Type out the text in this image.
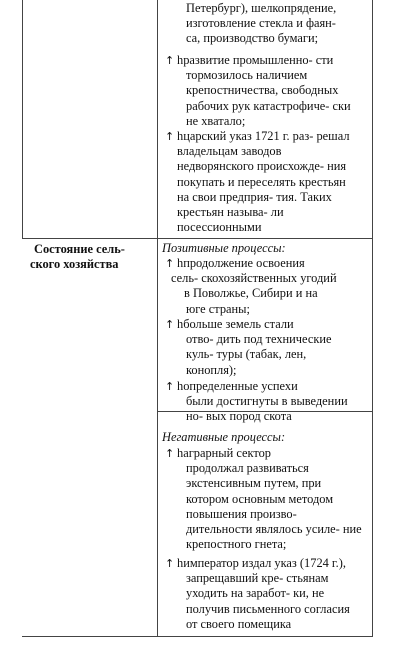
Петербург), шелкопрядение,
изготовление стекла и фаян-
са, производство бумаги;
↑ hразвитие промышленно- сти
тормозилось наличием
крепостничества, свободных
рабочих рук катастрофиче- ски
не хватало;
↑ hцарский указ 1721 г. раз- решал
владельцам заводов
недворянского происхожде- ния
покупать и переселять крестьян
на свои предприя- тия. Таких
крестьян называ- ли
посессионными
Состояние сель-
ского хозяйства
Позитивные процессы:
↑ hпродолжение освоения
сель- скохозяйственных угодий
в Поволжье, Сибири и на
юге страны;
↑ hбольше земель стали
отво- дить под технические
куль- туры (табак, лен,
конопля);
↑ hопределенные успехи
были достигнуты в выведении
но- вых пород скота
Негативные процессы:
↑ hаграрный сектор
продолжал развиваться
экстенсивным путем, при
котором основным методом
повышения произво-
дительности являлось усиле- ние
крепостного гнета;
↑ hимператор издал указ (1724 г.),
запрещавший кре- стьянам
уходить на заработ- ки, не
получив письменного согласия
от своего помещика
